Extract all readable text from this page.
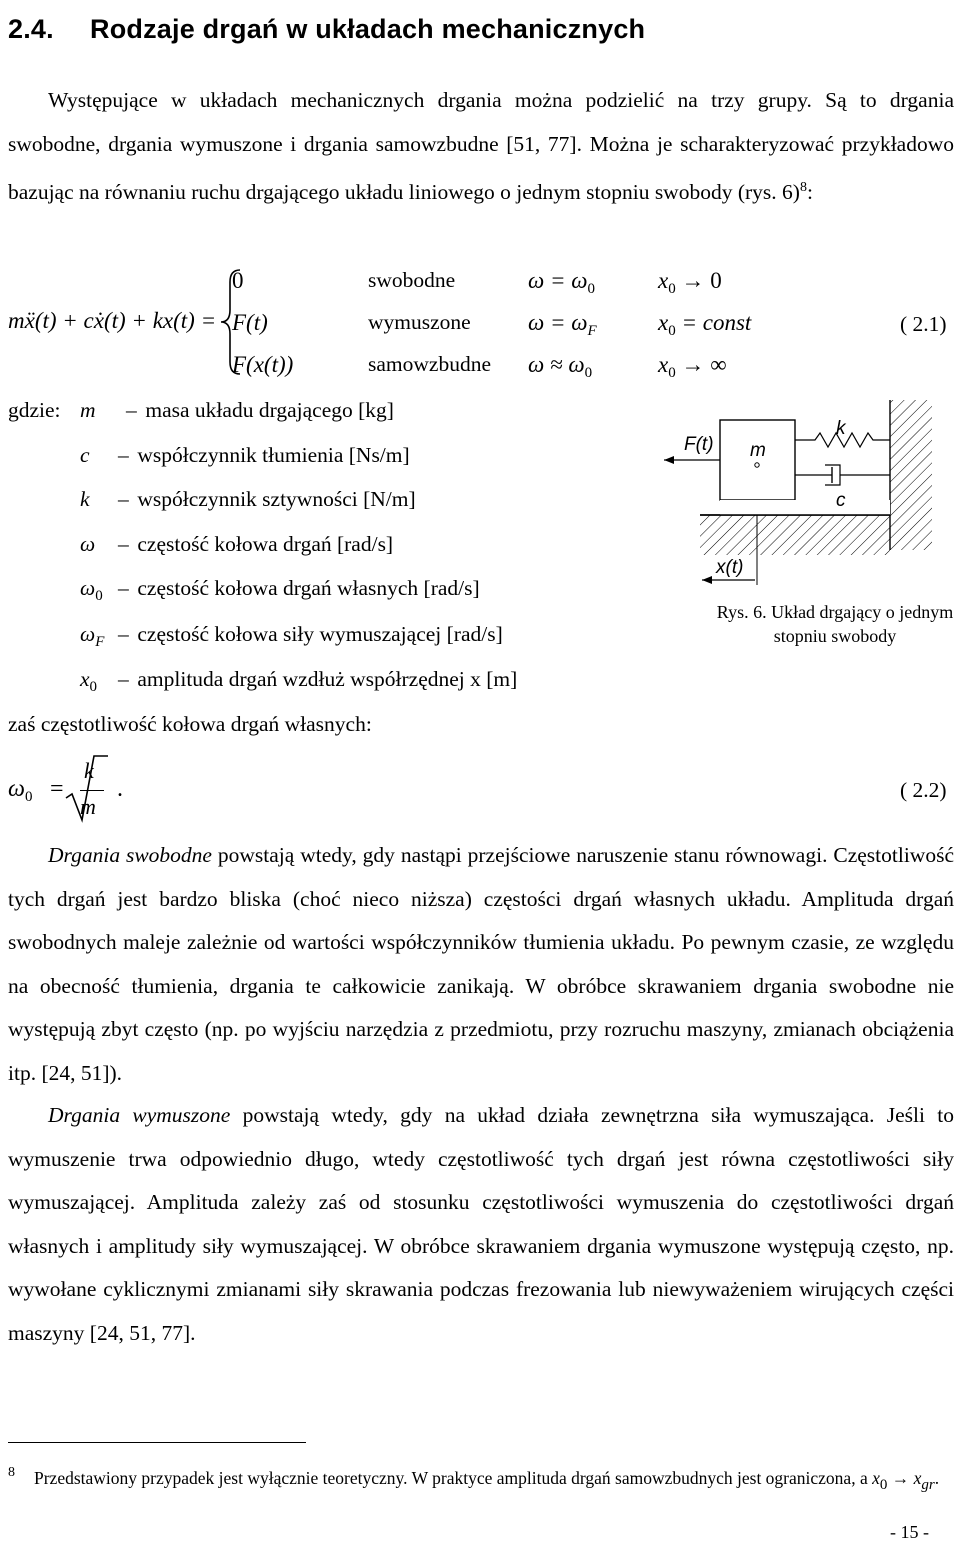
2.4. Rodzaje drgań w układach mechanicznych
Występujące w układach mechanicznych drgania można podzielić na trzy grupy. Są to drgania swobodne, drgania wymuszone i drgania samowzbudne [51, 77]. Można je scharakteryzować przykładowo bazując na równaniu ruchu drgającego układu liniowego o jednym stopniu swobody (rys. 6)$^8$:
mẍ(t) + cẋ(t) + kx(t) =
0
F(t)
F(x(t))
swobodne
wymuszone
samowzbudne
$\omega = \omega_0$
$\omega = \omega_F$
$\omega \approx \omega_0$
$x_0 \to 0$
$x_0$ = const
$x_0$ → ∞
( 2.1)
gdzie: m – masa układu drgającego [kg]
c – współczynnik tłumienia [Ns/m]
k – współczynnik sztywności [N/m]
ω – częstość kołowa drgań [rad/s]
$\omega_0$ – częstość kołowa drgań własnych [rad/s]
$\omega_F$ – częstość kołowa siły wymuszającej [rad/s]
$x_0$ – amplituda drgań wzdłuż współrzędnej x [m]
zaś częstotliwość kołowa drgań własnych:
F(t) m
k
c
x(t)
Rys. 6. Układ drgający o jednym
stopniu swobody
$\omega_0$ =
k
m
.	( 2.2)
Drgania swobodne powstają wtedy, gdy nastąpi przejściowe naruszenie stanu równowagi. Częstotliwość tych drgań jest bardzo bliska (choć nieco niższa) częstości drgań własnych układu. Amplituda drgań swobodnych maleje zależnie od wartości współczynników tłumienia układu. Po pewnym czasie, ze względu na obecność tłumienia, drgania te całkowicie zanikają. W obróbce skrawaniem drgania swobodne nie występują zbyt często (np. po wyjściu narzędzia z przedmiotu, przy rozruchu maszyny, zmianach obciążenia itp. [24, 51]).
Drgania wymuszone powstają wtedy, gdy na układ działa zewnętrzna siła wymuszająca. Jeśli to wymuszenie trwa odpowiednio długo, wtedy częstotliwość tych drgań jest równa częstotliwości siły wymuszającej. Amplituda zależy zaś od stosunku częstotliwości wymuszenia do częstotliwości drgań własnych i amplitudy siły wymuszającej. W obróbce skrawaniem drgania wymuszone występują często, np. wywołane cyklicznymi zmianami siły skrawania podczas frezowania lub niewyważeniem wirujących części maszyny [24, 51, 77].
8 Przedstawiony przypadek jest wyłącznie teoretyczny. W praktyce amplituda drgań samowzbudnych jest ograniczona, a x0 → xgr.
- 15 -
